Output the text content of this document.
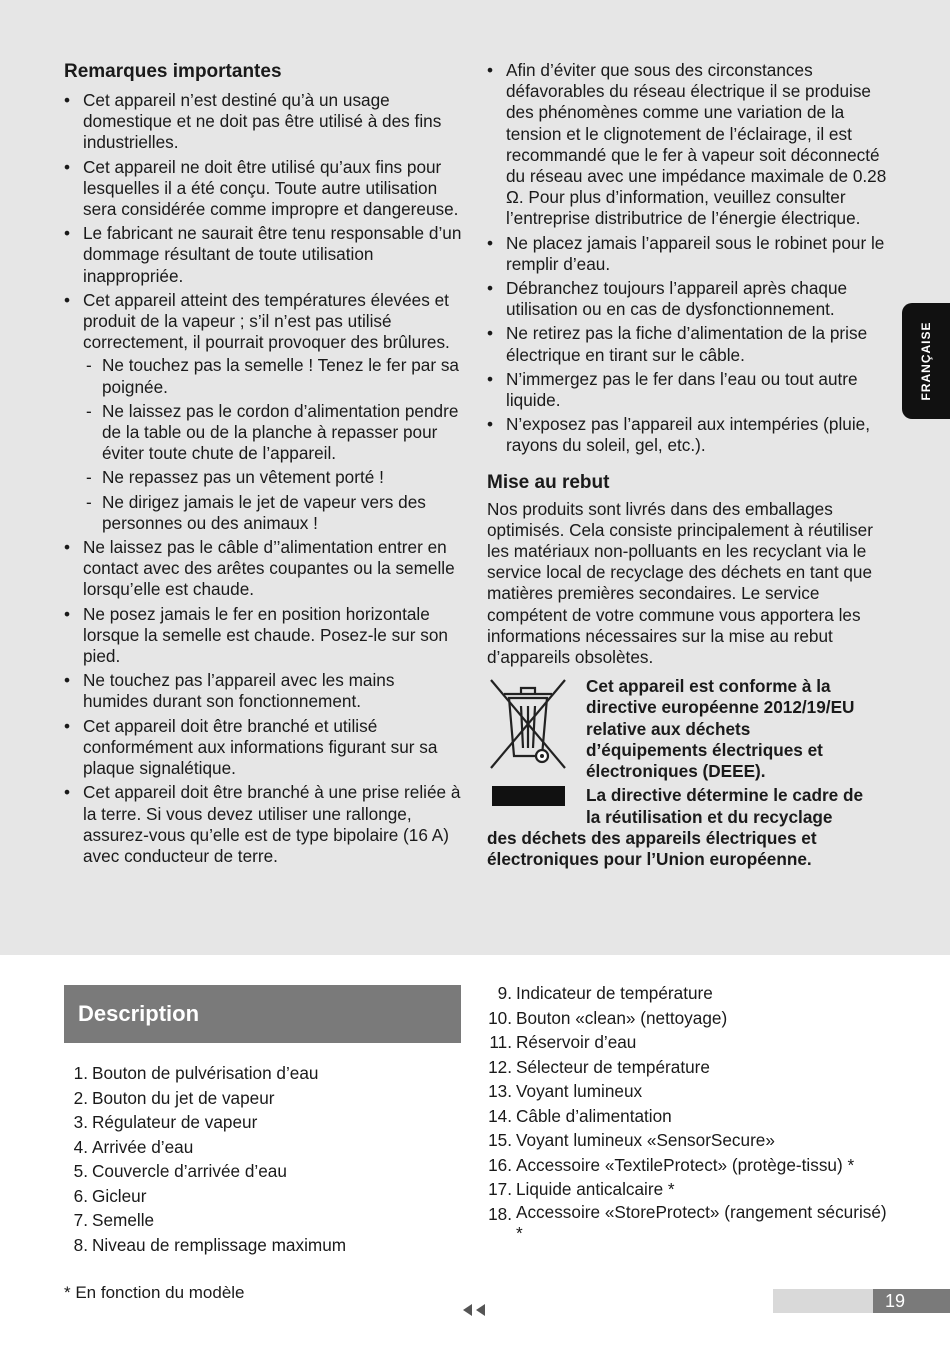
Remarques importantes
• Cet appareil n’est destiné qu’à un usage domestique et ne doit pas être utilisé à des fins industrielles.
• Cet appareil ne doit être utilisé qu’aux fins pour lesquelles il a été conçu. Toute autre utilisation sera considérée comme impropre et dangereuse.
• Le fabricant ne saurait être tenu responsable d’un dommage résultant de toute utilisation inappropriée.
• Cet appareil atteint des températures élevées et produit de la vapeur ; s’il n’est pas utilisé correctement, il pourrait provoquer des brûlures.
- Ne touchez pas la semelle ! Tenez le fer par sa poignée.
- Ne laissez pas le cordon d’alimentation pendre de la table ou de la planche à repasser pour éviter toute chute de l’appareil.
- Ne repassez pas un vêtement porté !
- Ne dirigez jamais le jet de vapeur vers des personnes ou des animaux !
• Ne laissez pas le câble d’’alimentation entrer en contact avec des arêtes coupantes ou la semelle lorsqu’elle est chaude.
• Ne posez jamais le fer en position horizontale lorsque la semelle est chaude. Posez-le sur son pied.
• Ne touchez pas l’appareil avec les mains humides durant son fonctionnement.
• Cet appareil doit être branché et utilisé conformément aux informations figurant sur sa plaque signalétique.
• Cet appareil doit être branché à une prise reliée à la terre. Si vous devez utiliser une rallonge, assurez-vous qu’elle est de type bipolaire (16 A) avec conducteur de terre.
• Afin d’éviter que sous des circonstances défavorables du réseau électrique il se produise des phénomènes comme une variation de la tension et le clignotement de l’éclairage, il est recommandé que le fer à vapeur soit déconnecté du réseau avec une impédance maximale de 0.28 Ω. Pour plus d’information, veuillez consulter l’entreprise distributrice de l’énergie électrique.
• Ne placez jamais l’appareil sous le robinet pour le remplir d’eau.
• Débranchez toujours l’appareil après chaque utilisation ou en cas de dysfonctionnement.
• Ne retirez pas la fiche d’alimentation de la prise électrique en tirant sur le câble.
• N’immergez pas le fer dans l’eau ou tout autre liquide.
• N’exposez pas l’appareil aux intempéries (pluie, rayons du soleil, gel, etc.).
Mise au rebut

Nos produits sont livrés dans des emballages optimisés. Cela consiste principalement à réutiliser les matériaux non-polluants en les recyclant via le service local de recyclage des déchets en tant que matières premières secondaires. Le service compétent de votre commune vous apportera les informations nécessaires sur la mise au rebut d’appareils obsolètes.

Cet appareil est conforme à la
directive européenne 2012/19/EU
relative aux déchets
d’équipements électriques et
électroniques (DEEE).
La directive détermine le cadre de
la réutilisation et du recyclage
des déchets des appareils électriques et électroniques pour l’Union européenne.
FRANÇAISE
Description
1. Bouton de pulvérisation d’eau
2. Bouton du jet de vapeur
3. Régulateur de vapeur
4. Arrivée d’eau
5. Couvercle d’arrivée d’eau
6. Gicleur
7. Semelle
8. Niveau de remplissage maximum
9. Indicateur de température
10. Bouton «clean» (nettoyage)
11. Réservoir d’eau
12. Sélecteur de température
13. Voyant lumineux
14. Câble d’alimentation
15. Voyant lumineux «SensorSecure»
16. Accessoire «TextileProtect» (protège-tissu) *
17. Liquide anticalcaire *
18. Accessoire «StoreProtect» (rangement sécurisé) *
* En fonction du modèle	19
